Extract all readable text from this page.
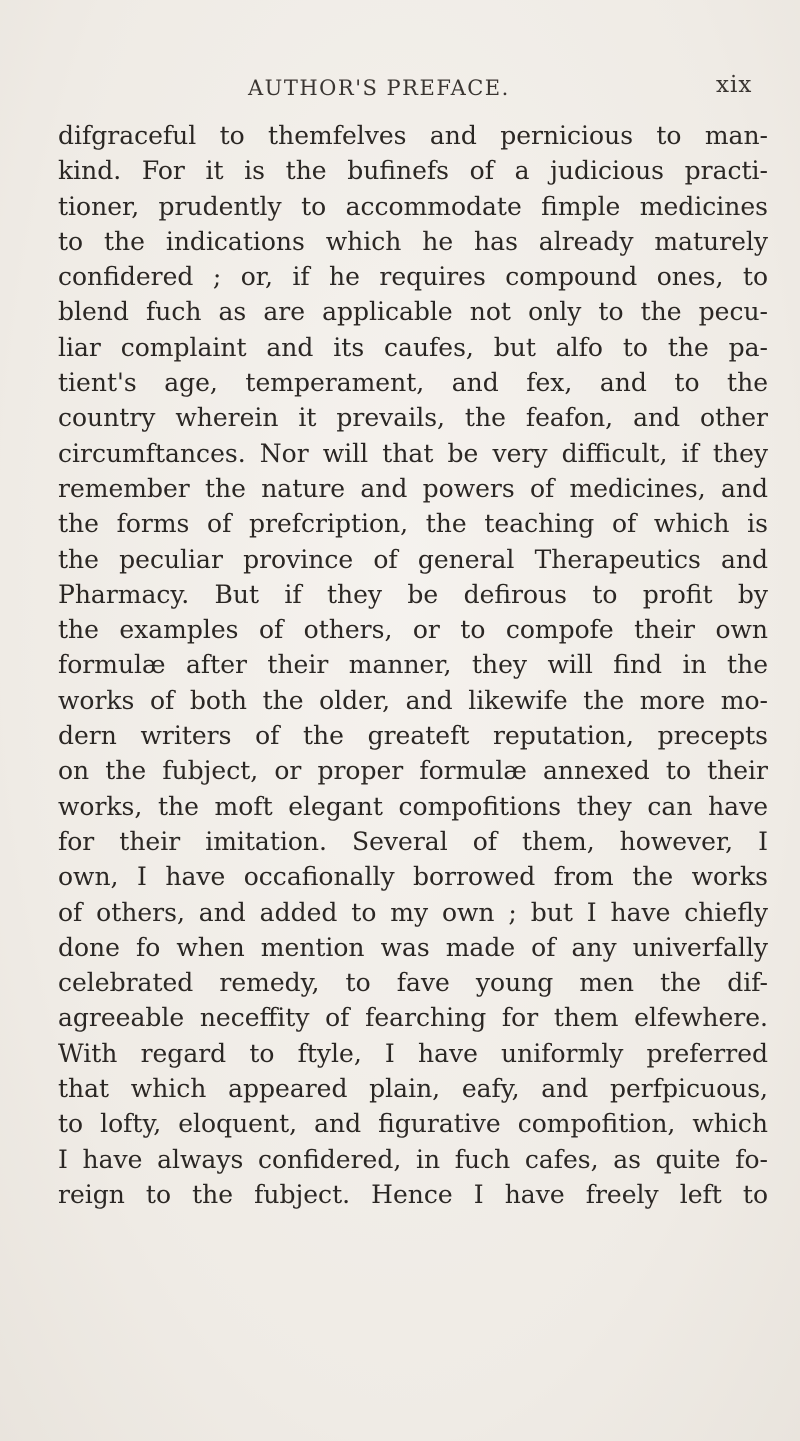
AUTHOR'S PREFACE.	xix
difgraceful to themfelves and pernicious to man-
kind. For it is the bufinefs of a judicious practi-
tioner, prudently to accommodate fimple medicines
to the indications which he has already maturely
confidered ; or, if he requires compound ones, to
blend fuch as are applicable not only to the pecu-
liar complaint and its caufes, but alfo to the pa-
tient's age, temperament, and fex, and to the
country wherein it prevails, the feafon, and other
circumftances. Nor will that be very difficult, if they
remember the nature and powers of medicines, and
the forms of prefcription, the teaching of which is
the peculiar province of general Therapeutics and
Pharmacy. But if they be defirous to profit by
the examples of others, or to compofe their own
formulæ after their manner, they will find in the
works of both the older, and likewife the more mo-
dern writers of the greateft reputation, precepts
on the fubject, or proper formulæ annexed to their
works, the moft elegant compofitions they can have
for their imitation. Several of them, however, I
own, I have occafionally borrowed from the works
of others, and added to my own ; but I have chiefly
done fo when mention was made of any univerfally
celebrated remedy, to fave young men the dif-
agreeable neceffity of fearching for them elfewhere.
With regard to ftyle, I have uniformly preferred
that which appeared plain, eafy, and perfpicuous,
to lofty, eloquent, and figurative compofition, which
I have always confidered, in fuch cafes, as quite fo-
reign to the fubject. Hence I have freely left to
